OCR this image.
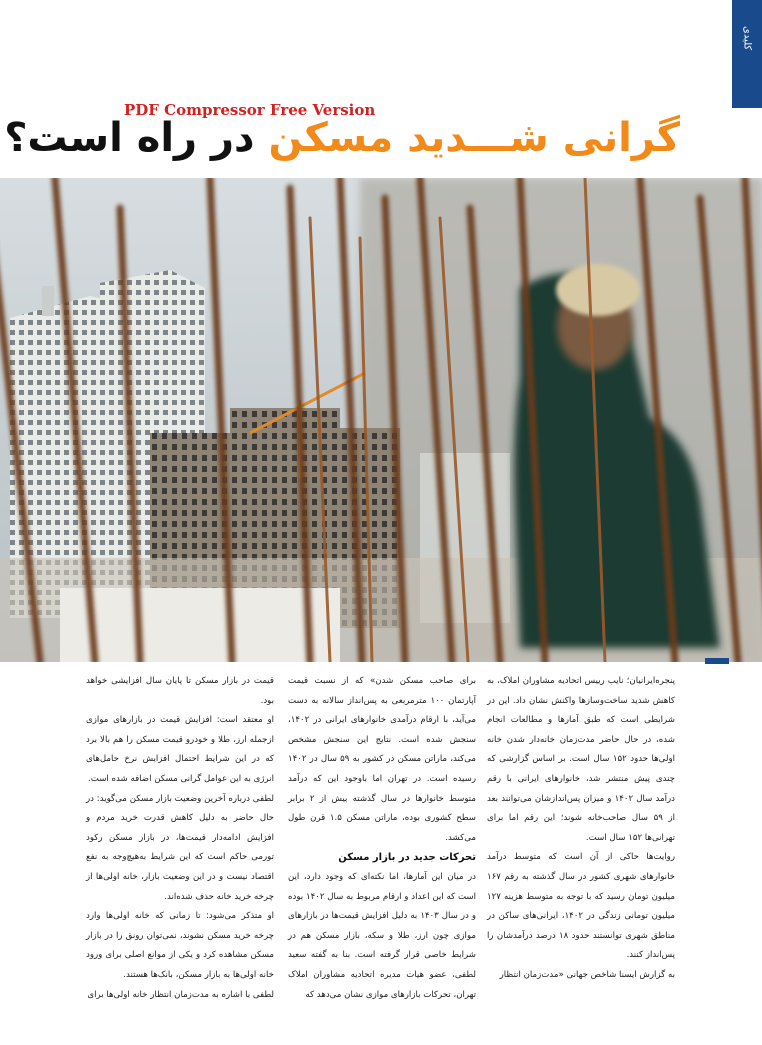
کلیدی
PDF Compressor Free Version
گرانی شـــدید مسکن در راه است؟

پنجره‌ایرانیان؛ نایب رییس اتحادیه مشاوران املاک، به کاهش شدید ساخت‌وسازها واکنش نشان داد. این در شرایطی است که طبق آمارها و مطالعات انجام شده، در حال حاضر مدت‌زمان خانه‌دار شدن خانه اولی‌ها حدود ۱۵۲ سال است. بر اساس گزارشی که چندی پیش منتشر شد، خانوارهای ایرانی با رقم درآمد سال ۱۴۰۲ و میزان پس‌اندازشان می‌توانند بعد از ۵۹ سال صاحب‌خانه شوند؛ این رقم اما برای تهرانی‌ها ۱۵۲ سال است.

روایت‌ها حاکی از آن است که متوسط درآمد خانوارهای شهری کشور در سال گذشته به رقم ۱۶۷ میلیون تومان رسید که با توجه به متوسط هزینه ۱۲۷ میلیون تومانی زندگی در ۱۴۰۲، ایرانی‌های ساکن در مناطق شهری توانستند حدود ۱۸ درصد درآمدشان را پس‌انداز کنند.

به گزارش ایسنا شاخص جهانی «مدت‌زمان انتظار

برای صاحب مسکن شدن» که از نسبت قیمت آپارتمان ۱۰۰ متر‌مربعی به پس‌انداز سالانه به دست می‌آید، با ارقام درآمدی خانوارهای ایرانی در ۱۴۰۲، سنجش شده است. نتایج این سنجش مشخص می‌کند، ماراتن مسکن در کشور به ۵۹ سال در ۱۴۰۲ رسیده است. در تهران اما باوجود این که درآمد متوسط خانوارها در سال گذشته بیش از ۲ برابر سطح کشوری بوده، ماراتن مسکن ۱.۵ قرن طول می‌کشد.

تحرکات جدید در بازار مسکن

در میان این آمارها، اما نکته‌ای که وجود دارد، این است که این اعداد و ارقام مربوط به سال ۱۴۰۲ بوده و در سال ۱۴۰۳ به دلیل افزایش قیمت‌ها در بازارهای موازی چون ارز، طلا و سکه، بازار مسکن هم در شرایط خاصی قرار گرفته است. بنا به گفته سعید لطفی، عضو هیات مدیره اتحادیه مشاوران املاک تهران، تحرکات بازارهای موازی نشان می‌دهد که

قیمت در بازار مسکن تا پایان سال افزایشی خواهد بود.

او معتقد است: افزایش قیمت در بازارهای موازی ازجمله ارز، طلا و خودرو قیمت مسکن را هم بالا برد که در این شرایط احتمال افزایش نرخ حامل‌های انرژی به این عوامل گرانی مسکن اضافه شده است.

لطفی درباره آخرین وضعیت بازار مسکن می‌گوید: در حال حاضر به دلیل کاهش قدرت خرید مردم و افزایش ادامه‌دار قیمت‌ها، در بازار مسکن رکود تورمی حاکم است که این شرایط به‌هیچ‌وجه به نفع اقتصاد نیست و در این وضعیت بازار، خانه اولی‌ها از چرخه خرید خانه حذف شده‌اند.

او متذکر می‌شود: تا زمانی که خانه اولی‌ها وارد چرخه خرید مسکن نشوند، نمی‌توان رونق را در بازار مسکن مشاهده کرد و یکی از موانع اصلی برای ورود خانه اولی‌ها به بازار مسکن، بانک‌ها هستند.

لطفی با اشاره به مدت‌زمان انتظار خانه اولی‌ها برای
